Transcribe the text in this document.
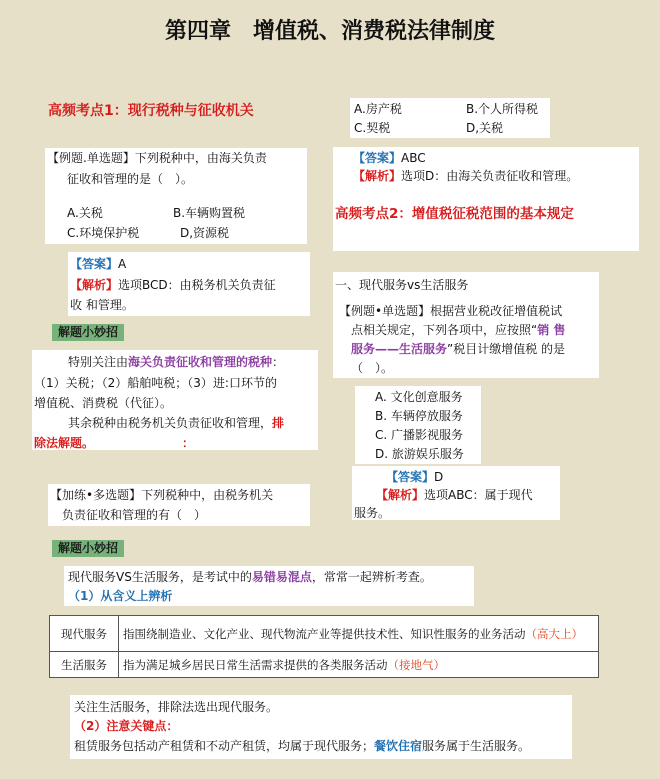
第四章　增值税、消费税法律制度
高频考点1：现行税种与征收机关
【例题.单选题】下列税种中，由海关负责
征收和管理的是（　）。
A.关税	B.车辆购置税
C.环境保护税	D,资源税
【答案】A
【解析】选项BCD：由税务机关负责征
收 和管理。
解题小妙招
特别关注由海关负责征收和管理的税种：
（1）关税；（2）船舶吨税；（3）进:口环节的
增值税、消费税（代征）。
其余税种由税务机关负责征收和管理，排
除法解题。	：
【加练•多选题】下列税种中，由税务机关
负责征收和管理的有（　）
解题小妙招
A.房产税	B.个人所得税
C.契税	D,关税
【答案】ABC
【解析】选项D：由海关负责征收和管理。
高频考点2：增值税征税范围的基本规定
一、现代服务vs生活服务
【例题•单选题】根据营业税改征增值税试
点相关规定，下列各项中，应按照“销 售
服务——生活服务”税目计缴增值税 的是
（　）。
A. 文化创意服务
B. 车辆停放服务
C. 广播影视服务
D. 旅游娱乐服务
【答案】D
【解析】选项ABC：属于现代
服务。
现代服务VS生活服务，是考试中的易错易混点，常常一起辨析考查。
（1）从含义上辨析
现代服务	指围绕制造业、文化产业、现代物流产业等提供技术性、知识性服务的业务活动（高大上）
生活服务	指为满足城乡居民日常生活需求提供的各类服务活动（接地气）
关注生活服务，排除法选出现代服务。
（2）注意关键点：
租赁服务包括动产租赁和不动产租赁，均属于现代服务；餐饮住宿服务属于生活服务。
